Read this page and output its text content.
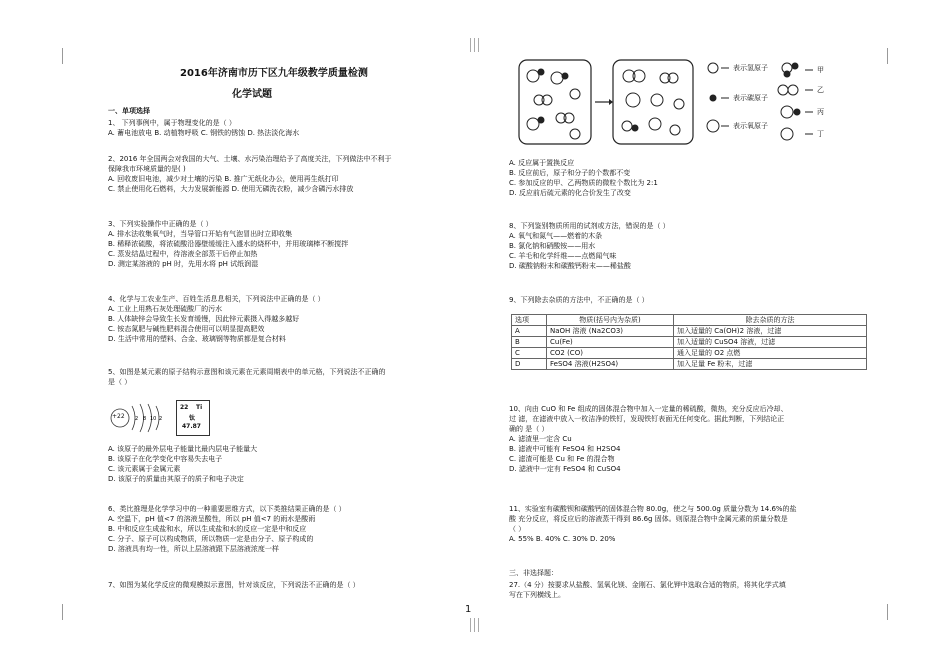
2016年济南市历下区九年级教学质量检测
化学试题
一、单项选择
1、 下列事例中，属于物理变化的是（ ）
A. 蓄电池放电 B. 动植物呼吸 C. 钢铁的锈蚀 D. 热法淡化海水
2、2016 年全国两会对我国的大气、土壤、水污染治理给予了高度关注，下列做法中不利于
保障我市环境质量的是( )
A. 回收废旧电池，减少对土壤的污染 B. 推广无纸化办公，使用再生纸打印
C. 禁止使用化石燃料，大力发展新能源 D. 使用无磷洗衣粉，减少含磷污水排放
3、下列实验操作中正确的是（ ）
A. 排水法收集氧气时，当导管口开始有气泡冒出时立即收集
B. 稀释浓硫酸，将浓硫酸沿器壁缓缓注入盛水的烧杯中，并用玻璃棒不断搅拌
C. 蒸发结晶过程中，待溶液全部蒸干后停止加热
D. 测定某溶液的 pH 时，先用水将 pH 试纸润湿
4、化学与工农业生产、百姓生活息息相关，下列说法中正确的是（ ）
A. 工业上用熟石灰处理硫酸厂的污水
B. 人体缺锌会导致生长发育缓慢，因此锌元素摄入得越多越好
C. 铵态氮肥与碱性肥料混合使用可以明显提高肥效
D. 生活中常用的塑料、合金、玻璃钢等物质都是复合材料
5、如图是某元素的原子结构示意图和该元素在元素周期表中的单元格，下列说法不正确的
是（ ）
2 8 10 2
+22
22 Ti
钛
47.87
A. 该原子的最外层电子能量比最内层电子能量大
B. 该原子在化学变化中容易失去电子
C. 该元素属于金属元素
D. 该原子的质量由其原子的质子和电子决定
6、类比推理是化学学习中的一种重要思维方式，以下类推结果正确的是（ ）
A. 空温下，pH 值<7 的溶液呈酸性，所以 pH 值<7 的雨水是酸雨
B. 中和反应生成盐和水，所以生成盐和水的反应一定是中和反应
C. 分子、原子可以构成物质，所以物质一定是由分子、原子构成的
D. 溶液具有均一性，所以上层溶液跟下层溶液浓度一样
7、如图为某化学反应的微观模拟示意图，针对该反应，下列说法不正确的是（ ）
1
表示氢原子
表示碳原子
表示氧原子
甲
乙
丙
丁
A. 反应属于置换反应
B. 反应前后，原子和分子的个数都不变
C. 参加反应的甲、乙两物质的微粒个数比为 2:1
D. 反应前后硫元素的化合价发生了改变
8、下列鉴别物质所用的试剂或方法，错误的是（ ）
A. 氧气和氮气——燃着的木条
B. 氯化钠和硝酸铵——用水
C. 羊毛和化学纤维——点燃闻气味
D. 碳酸钠粉末和碳酸钙粉末——稀盐酸
9、下列除去杂质的方法中，不正确的是（ ）
选项	物质(括号内为杂质)	除去杂质的方法
A	NaOH 溶液 (Na2CO3)	加入适量的 Ca(OH)2 溶液，过滤
B	Cu(Fe)	加入适量的 CuSO4 溶液，过滤
C	CO2 (CO)	通入足量的 O2 点燃
D	FeSO4 溶液(H2SO4)	加入足量 Fe 粉末，过滤
10、向由 CuO 和 Fe 组成的固体混合物中加入一定量的稀硫酸，微热，充分反应后冷却、
过 滤，在滤液中放入一枚洁净的铁钉，发现铁钉表面无任何变化。据此判断，下列结论正
确的 是（ ）
A. 滤渣里一定含 Cu
B. 滤液中可能有 FeSO4 和 H2SO4
C. 滤渣可能是 Cu 和 Fe 的混合物
D. 滤液中一定有 FeSO4 和 CuSO4
11、实验室有碳酸钡和碳酸钙的固体混合物 80.0g，使之与 500.0g 质量分数为 14.6%的盐
酸 充分反应，将反应后的溶液蒸干得到 86.6g 固体。则原混合物中金属元素的质量分数是
（ ）
A. 55% B. 40% C. 30% D. 20%
三、非选择题：
27.（4 分）按要求从盐酸、氢氧化镁、金刚石、氯化钾中选取合适的物质，将其化学式填
写在下列横线上。
